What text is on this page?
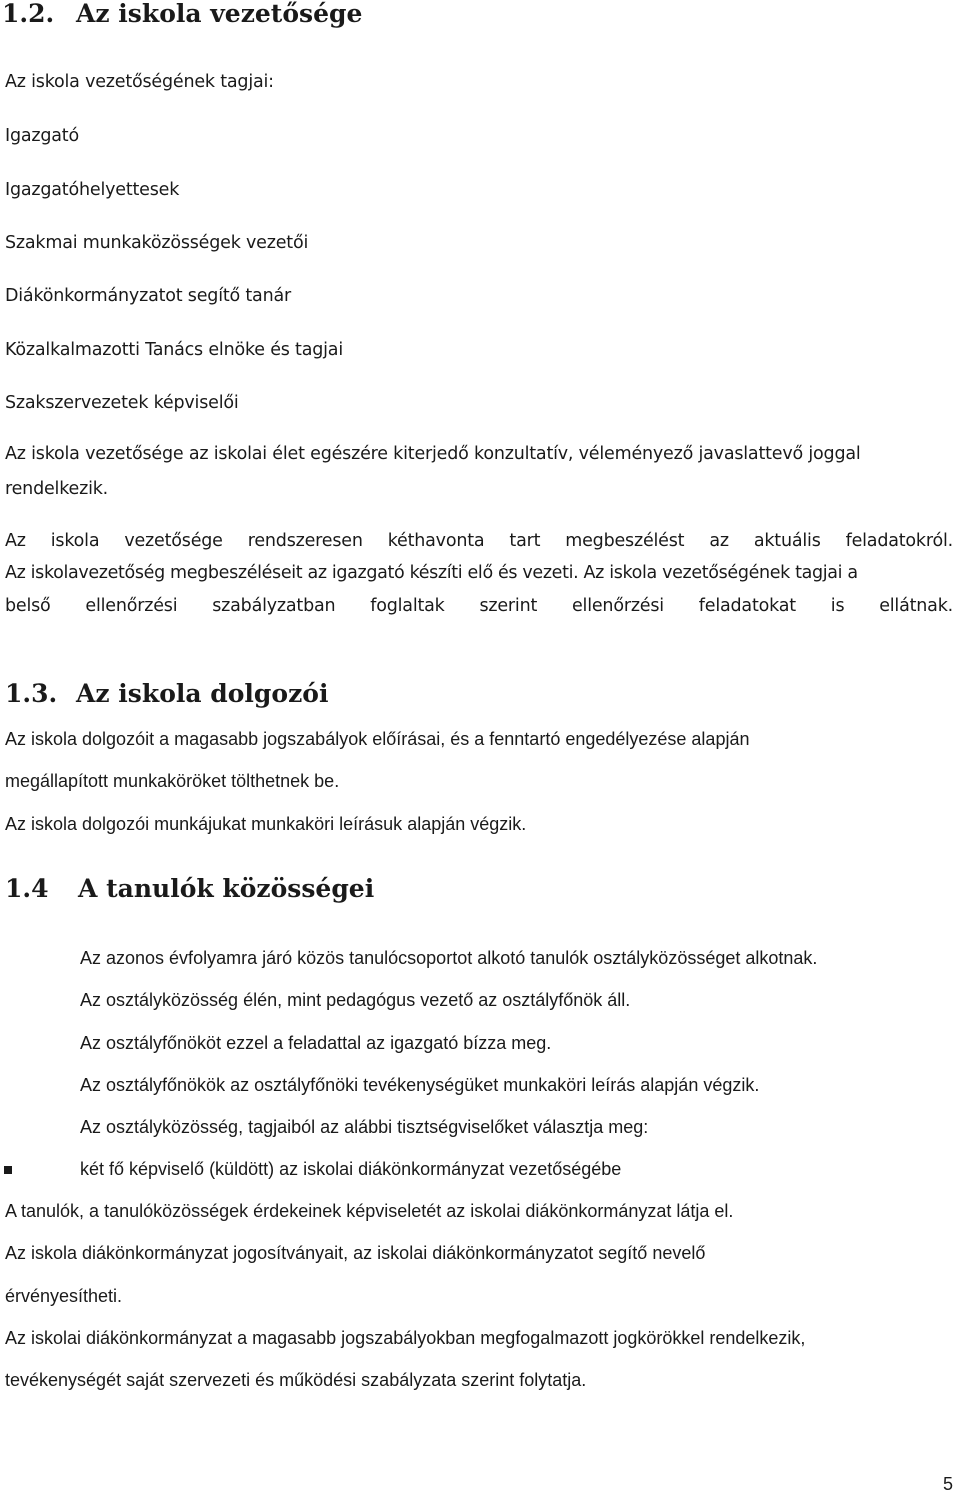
1.2. Az iskola vezetősége
Az iskola vezetőségének tagjai:
Igazgató
Igazgatóhelyettesek
Szakmai munkaközösségek vezetői
Diákönkormányzatot segítő tanár
Közalkalmazotti Tanács elnöke és tagjai
Szakszervezetek képviselői
Az iskola vezetősége az iskolai élet egészére kiterjedő konzultatív, véleményező javaslattevő joggal
rendelkezik.
Az iskola vezetősége rendszeresen kéthavonta tart megbeszélést az aktuális feladatokról.
Az iskolavezetőség megbeszéléseit az igazgató készíti elő és vezeti. Az iskola vezetőségének tagjai a
belső ellenőrzési szabályzatban foglaltak szerint ellenőrzési feladatokat is ellátnak.
1.3. Az iskola dolgozói
Az iskola dolgozóit a magasabb jogszabályok előírásai, és a fenntartó engedélyezése alapján
megállapított munkaköröket tölthetnek be.
Az iskola dolgozói munkájukat munkaköri leírásuk alapján végzik.
1.4 A tanulók közösségei
Az azonos évfolyamra járó közös tanulócsoportot alkotó tanulók osztályközösséget alkotnak.
Az osztályközösség élén, mint pedagógus vezető az osztályfőnök áll.
Az osztályfőnököt ezzel a feladattal az igazgató bízza meg.
Az osztályfőnökök az osztályfőnöki tevékenységüket munkaköri leírás alapján végzik.
Az osztályközösség, tagjaiból az alábbi tisztségviselőket választja meg:
két fő képviselő (küldött) az iskolai diákönkormányzat vezetőségébe
A tanulók, a tanulóközösségek érdekeinek képviseletét az iskolai diákönkormányzat látja el.
Az iskola diákönkormányzat jogosítványait, az iskolai diákönkormányzatot segítő nevelő
érvényesítheti.
Az iskolai diákönkormányzat a magasabb jogszabályokban megfogalmazott jogkörökkel rendelkezik,
tevékenységét saját szervezeti és működési szabályzata szerint folytatja.
5
